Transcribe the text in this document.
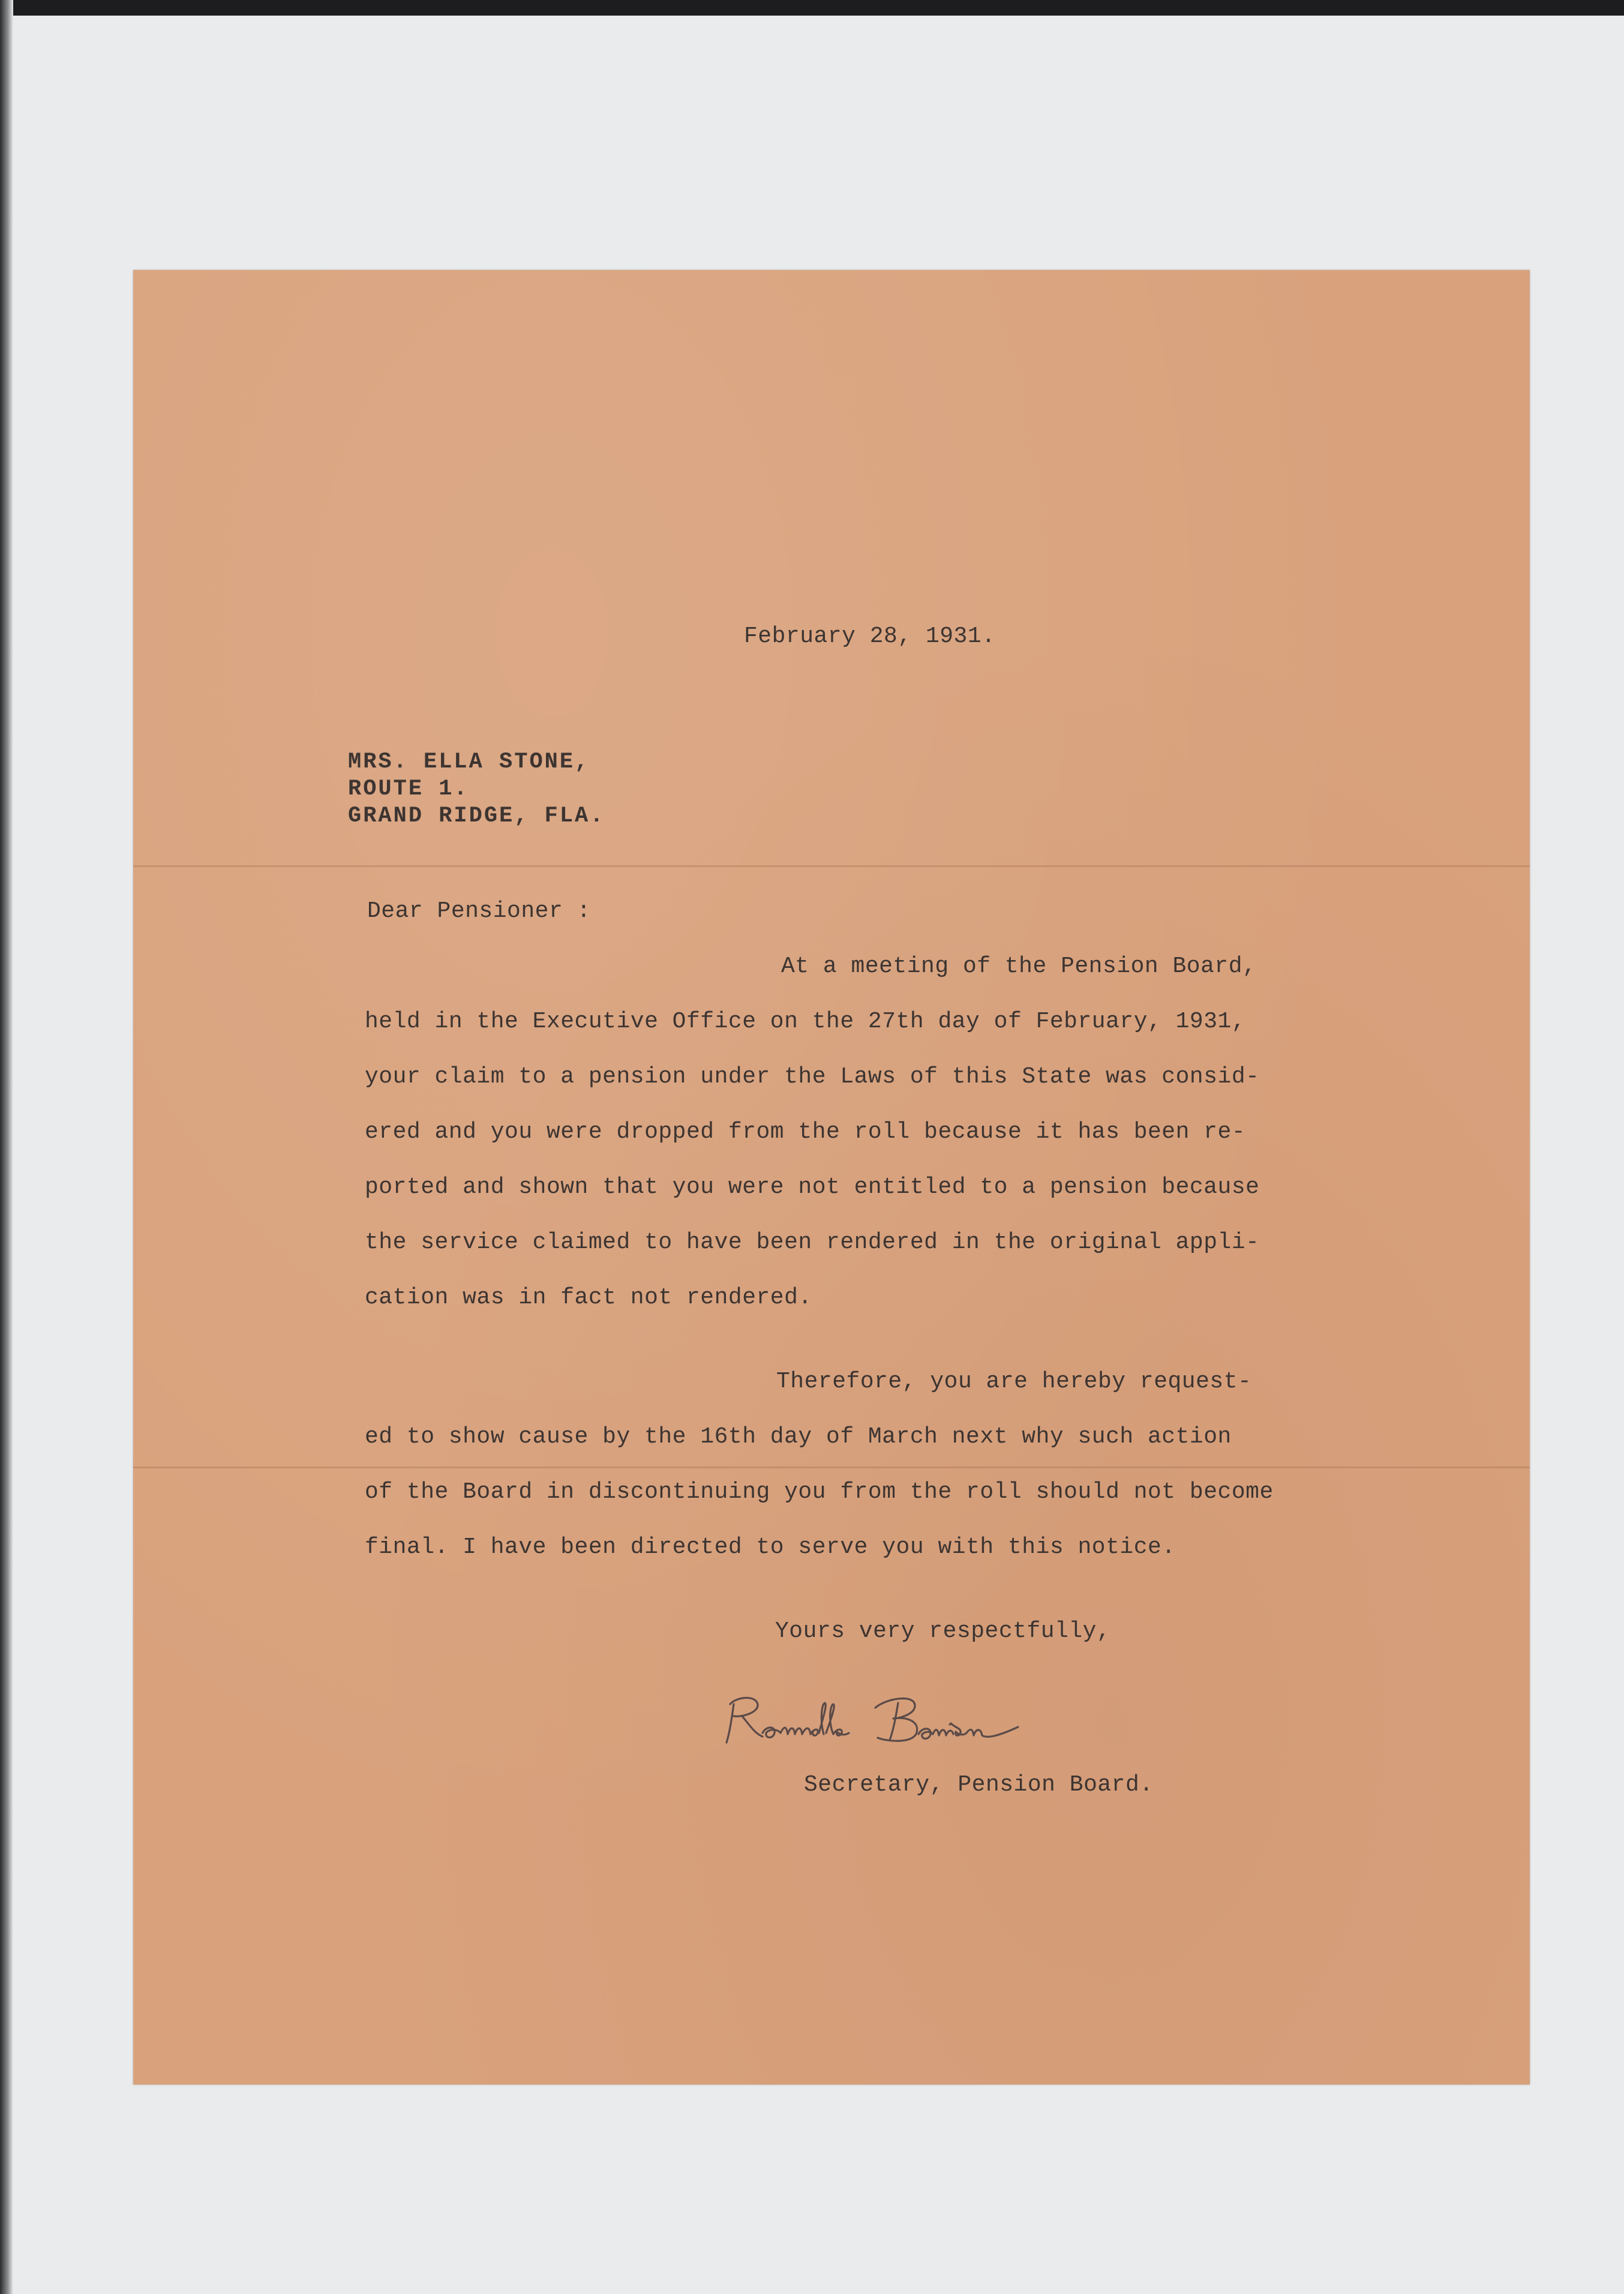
February 28, 1931.
MRS. ELLA STONE,
ROUTE 1.
GRAND RIDGE, FLA.
Dear Pensioner :
At a meeting of the Pension Board,
held in the Executive Office on the 27th day of February, 1931,
your claim to a pension under the Laws of this State was consid-
ered and you were dropped from the roll because it has been re-
ported and shown that you were not entitled to a pension because
the service claimed to have been rendered in the original appli-
cation was in fact not rendered.
Therefore, you are hereby request-
ed to show cause by the 16th day of March next why such action
of the Board in discontinuing you from the roll should not become
final. I have been directed to serve you with this notice.
Yours very respectfully,
Secretary, Pension Board.
